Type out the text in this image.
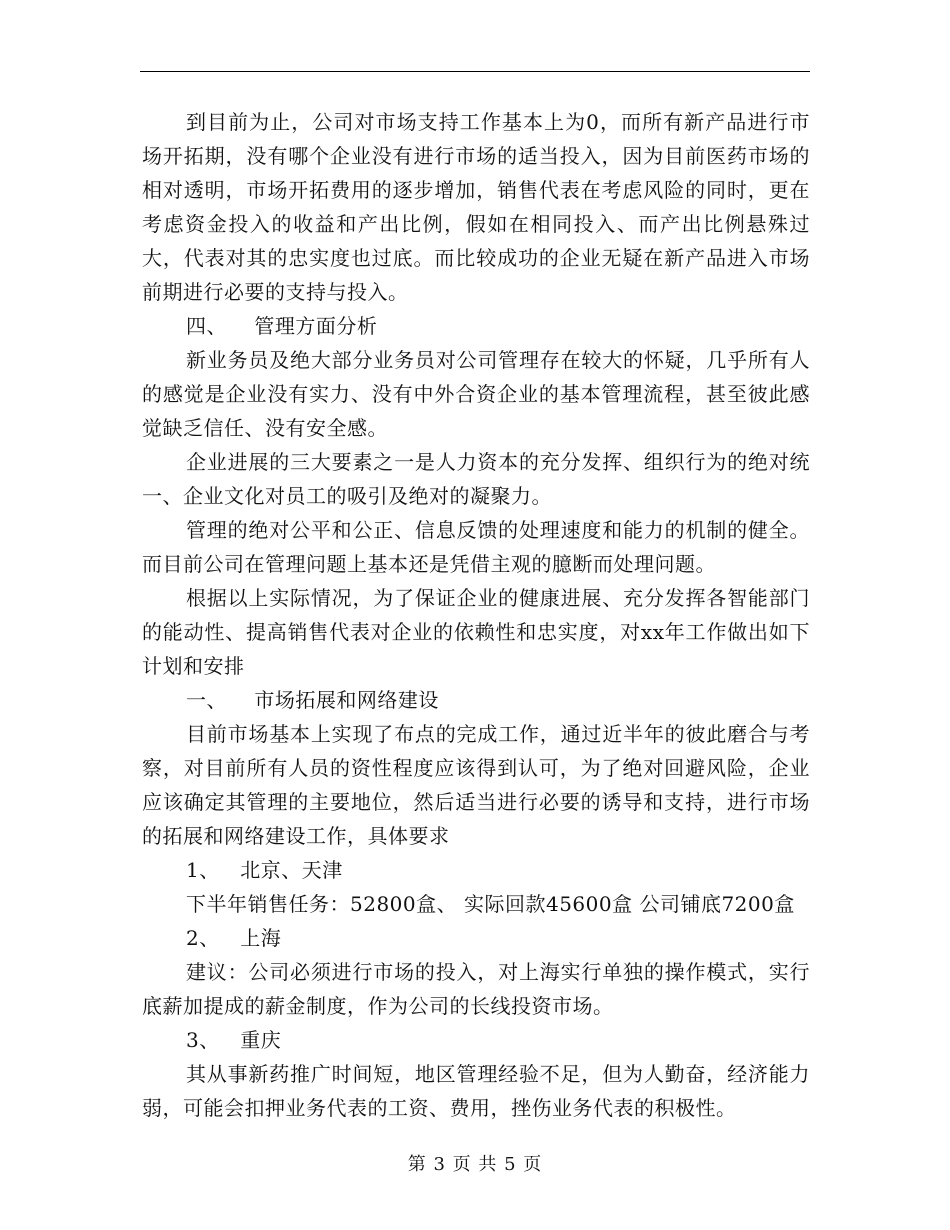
到目前为止，公司对市场支持工作基本上为0，而所有新产品进行市场开拓期，没有哪个企业没有进行市场的适当投入，因为目前医药市场的相对透明，市场开拓费用的逐步增加，销售代表在考虑风险的同时，更在考虑资金投入的收益和产出比例，假如在相同投入、而产出比例悬殊过大，代表对其的忠实度也过底。而比较成功的企业无疑在新产品进入市场前期进行必要的支持与投入。

四、    管理方面分析

新业务员及绝大部分业务员对公司管理存在较大的怀疑，几乎所有人的感觉是企业没有实力、没有中外合资企业的基本管理流程，甚至彼此感觉缺乏信任、没有安全感。

企业进展的三大要素之一是人力资本的充分发挥、组织行为的绝对统一、企业文化对员工的吸引及绝对的凝聚力。

管理的绝对公平和公正、信息反馈的处理速度和能力的机制的健全。而目前公司在管理问题上基本还是凭借主观的臆断而处理问题。

根据以上实际情况，为了保证企业的健康进展、充分发挥各智能部门的能动性、提高销售代表对企业的依赖性和忠实度，对xx年工作做出如下计划和安排

一、    市场拓展和网络建设

目前市场基本上实现了布点的完成工作，通过近半年的彼此磨合与考察，对目前所有人员的资性程度应该得到认可，为了绝对回避风险，企业应该确定其管理的主要地位，然后适当进行必要的诱导和支持，进行市场的拓展和网络建设工作，具体要求

1、   北京、天津

下半年销售任务：52800盒、 实际回款45600盒 公司铺底7200盒

2、   上海

建议：公司必须进行市场的投入，对上海实行单独的操作模式，实行底薪加提成的薪金制度，作为公司的长线投资市场。

3、   重庆

其从事新药推广时间短，地区管理经验不足，但为人勤奋，经济能力弱，可能会扣押业务代表的工资、费用，挫伤业务代表的积极性。

第 3 页 共 5 页
